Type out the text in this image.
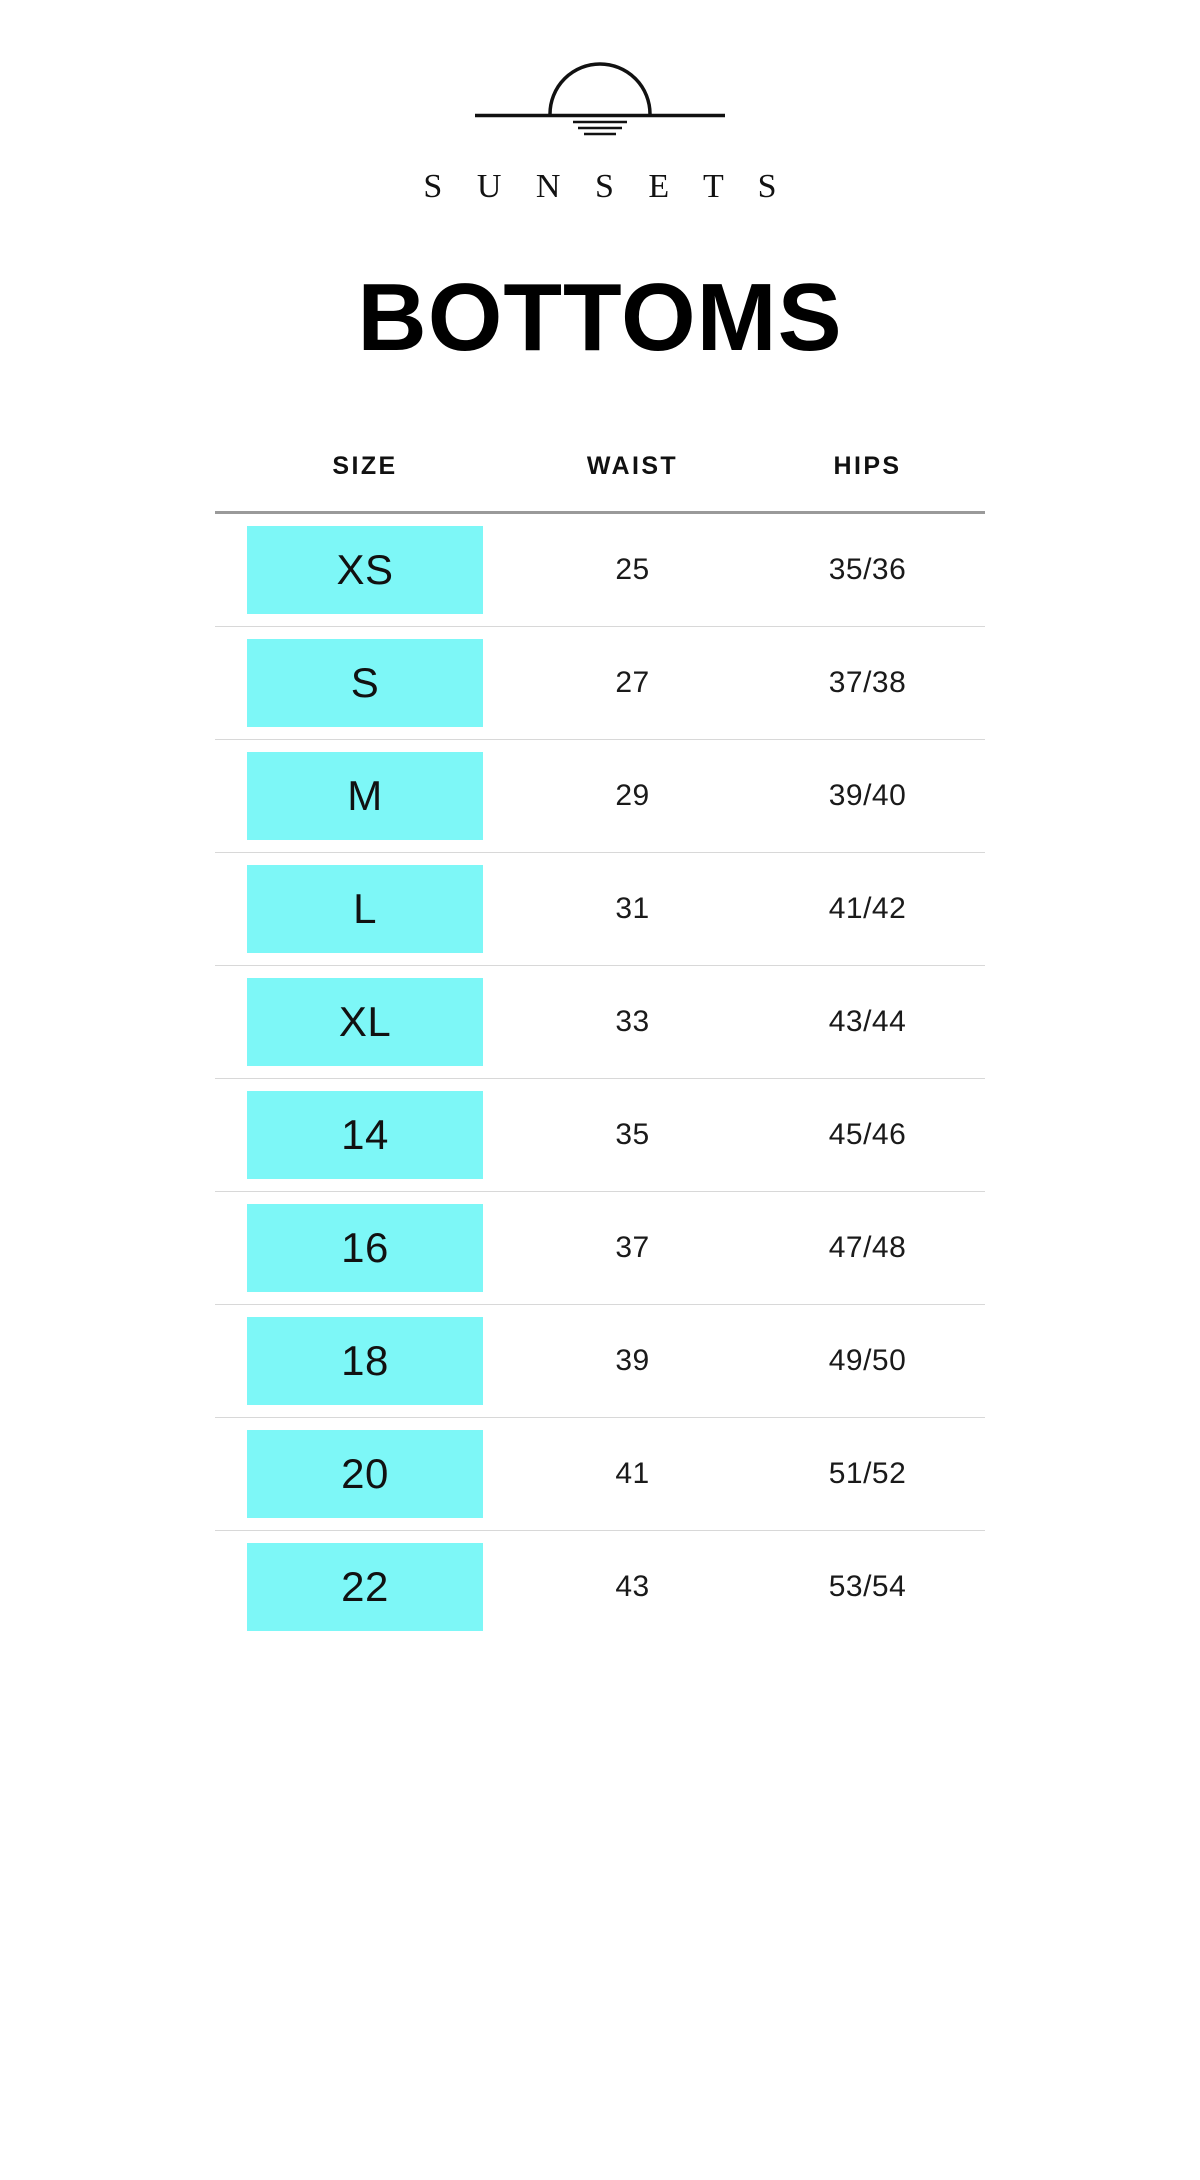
S U N S E T S
BOTTOMS
SIZE	WAIST	HIPS

XS	25	35/36

S	27	37/38

M	29	39/40

L	31	41/42

XL	33	43/44

14	35	45/46

16	37	47/48

18	39	49/50

20	41	51/52

22	43	53/54
